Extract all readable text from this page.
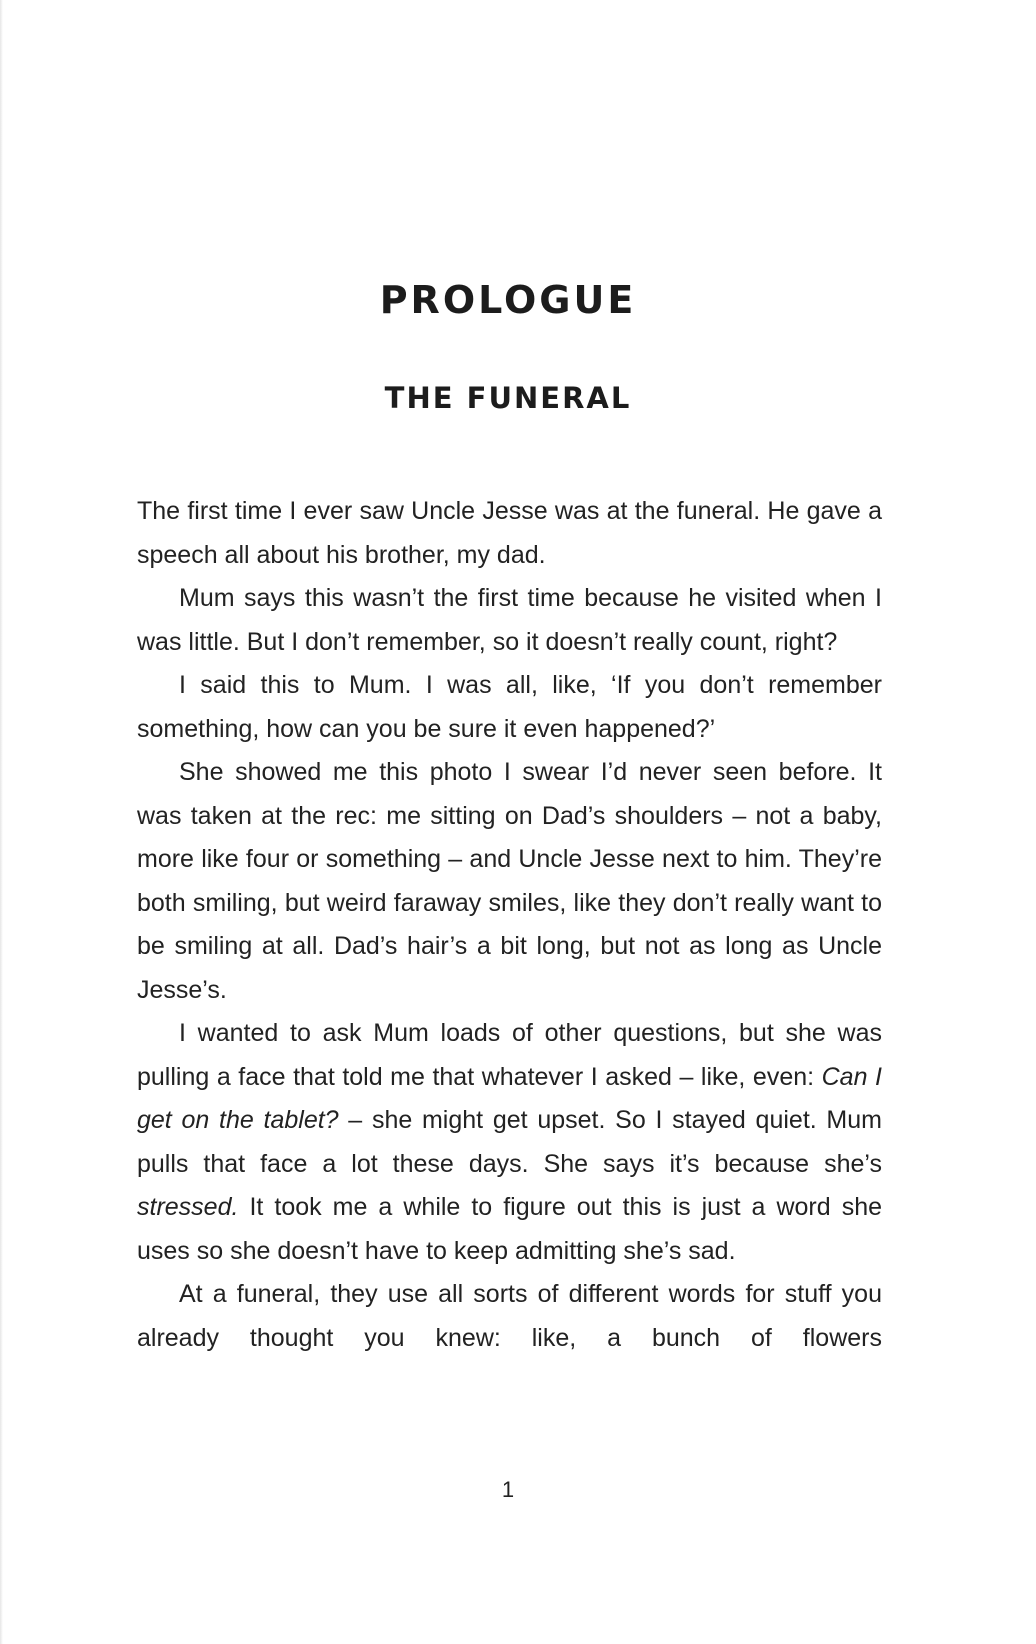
PROLOGUE
THE FUNERAL

The first time I ever saw Uncle Jesse was at the funeral. He gave a speech all about his brother, my dad.

Mum says this wasn’t the first time because he visited when I was little. But I don’t remember, so it doesn’t really count, right?

I said this to Mum. I was all, like, ‘If you don’t remember something, how can you be sure it even happened?’

She showed me this photo I swear I’d never seen before. It was taken at the rec: me sitting on Dad’s shoulders – not a baby, more like four or something – and Uncle Jesse next to him. They’re both smiling, but weird faraway smiles, like they don’t really want to be smiling at all. Dad’s hair’s a bit long, but not as long as Uncle Jesse’s.

I wanted to ask Mum loads of other questions, but she was pulling a face that told me that whatever I asked – like, even: Can I get on the tablet? – she might get upset. So I stayed quiet. Mum pulls that face a lot these days. She says it’s because she’s stressed. It took me a while to figure out this is just a word she uses so she doesn’t have to keep admitting she’s sad.

At a funeral, they use all sorts of different words for stuff you already thought you knew: like, a bunch of flowers

1
